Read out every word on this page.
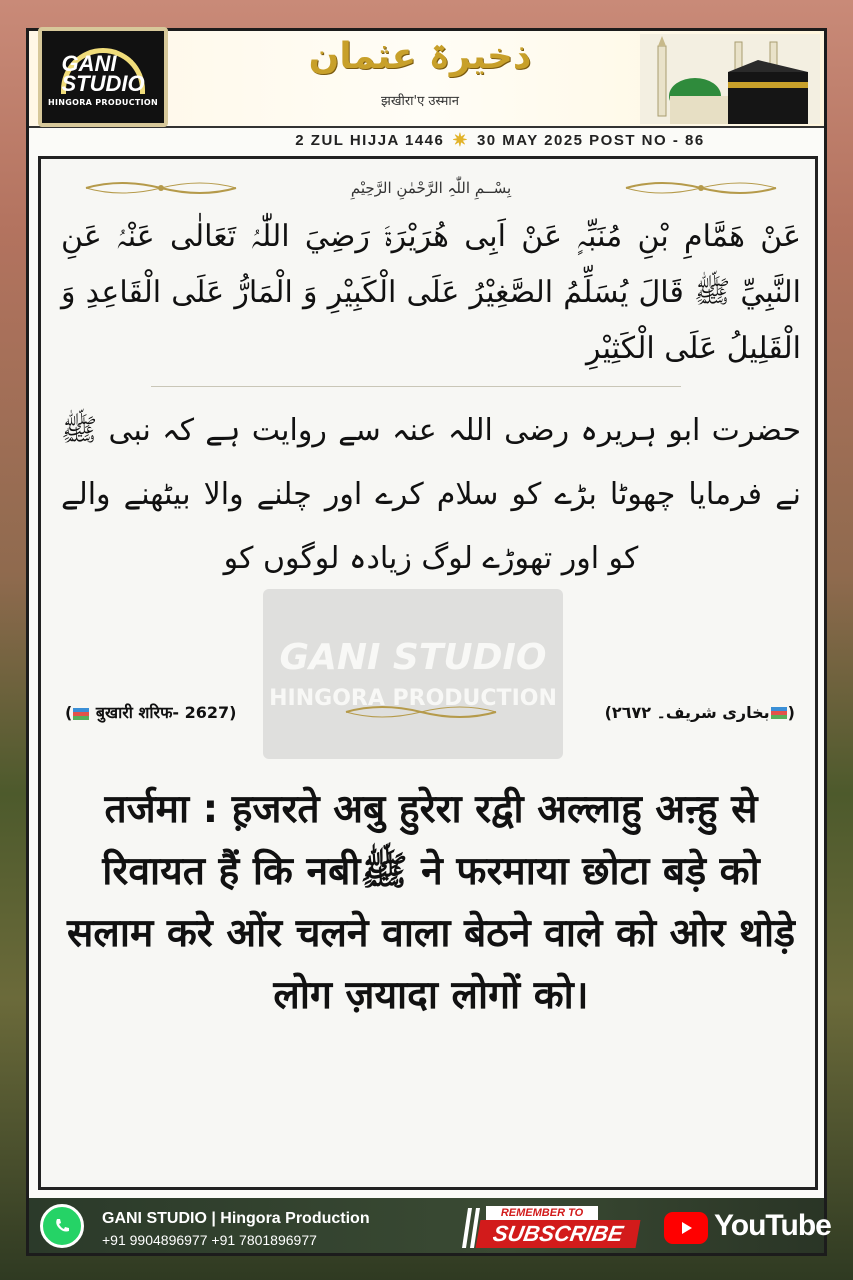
GANI STUDIO
HINGORA PRODUCTION
ذخیرۃ عثمان
झखीरा'ए उस्मान
2 ZUL HIJJA 1446 ✷ 30 MAY 2025 POST NO - 86
GANI STUDIO
HINGORA PRODUCTION
بِسْــمِ اللّٰہِ الرَّحْمٰنِ الرَّحِیْمِ
عَنْ هَمَّامِ بْنِ مُنَبِّہٍ عَنْ اَبِی هُرَیْرَۃَ رَضِيَ اللّٰہُ تَعَالٰی عَنْہُ عَنِ النَّبِيِّ ﷺ قَالَ یُسَلِّمُ الصَّغِیْرُ عَلَی الْکَبِیْرِ وَ الْمَارُّ عَلَی الْقَاعِدِ وَ الْقَلِیلُ عَلَی الْکَثِیْرِ
حضرت ابو ہریرہ رضی اللہ عنہ سے روایت ہے کہ نبی ﷺ نے فرمایا چھوٹا بڑے کو سلام کرے اور چلنے والا بیٹھنے والے کو اور تھوڑے لوگ زیادہ لوگوں کو
( बुखारी शरिफ- 2627)	(بخاری شریف۔ ٢٦٧٢)
तर्जमा : ह़जरते अबु हुरेरा रद्वी अल्लाहु अऩ्हु से रिवायत हैं कि नबीﷺ ने फरमाया छोटा बडे़ को सलाम करे ओंर चलने वाला बेठने वाले को ओर थोड़े लोग ज़यादा लोगों को।
GANI STUDIO | Hingora Production
+91 9904896977 +91 7801896977
REMEMBER TO
SUBSCRIBE	YouTube
